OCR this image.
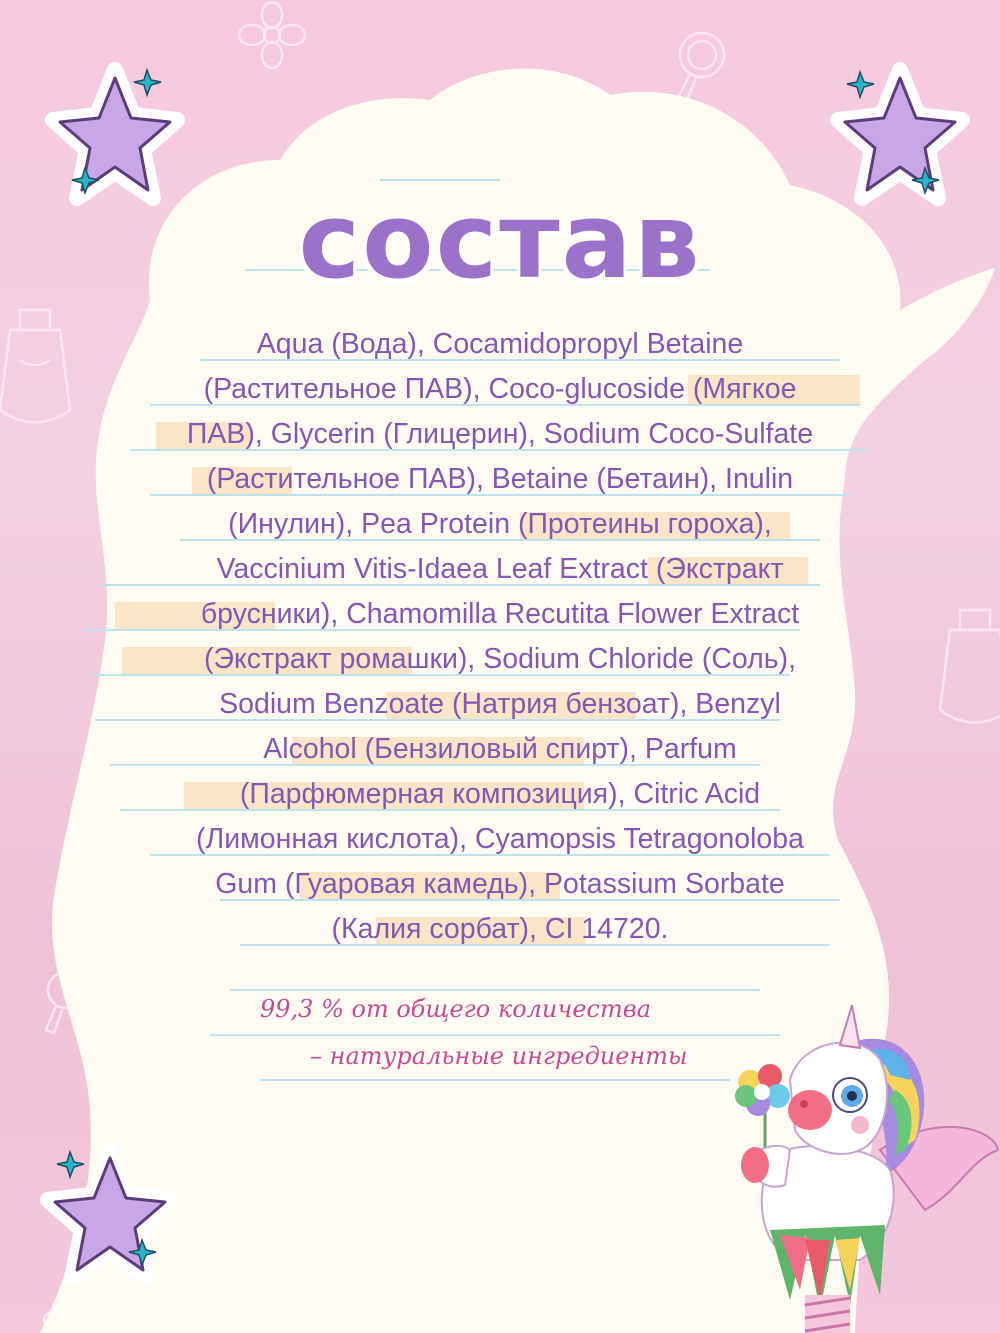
состав
Aqua (Вода), Cocamidopropyl Betaine
(Растительное ПАВ), Coco-glucoside (Мягкое
ПАВ), Glycerin (Глицерин), Sodium Coco-Sulfate
(Растительное ПАВ), Betaine (Бетаин), Inulin
(Инулин), Pea Protein (Протеины гороха),
Vaccinium Vitis-Idaea Leaf Extract (Экстракт
брусники), Chamomilla Recutita Flower Extract
(Экстракт ромашки), Sodium Chloride (Соль),
Sodium Benzoate (Натрия бензоат), Benzyl
Alcohol (Бензиловый спирт), Parfum
(Парфюмерная композиция), Citric Acid
(Лимонная кислота), Cyamopsis Tetragonoloba
Gum (Гуаровая камедь), Potassium Sorbate
(Калия сорбат), CI 14720.
99,3 % от общего количества
– натуральные ингредиенты
